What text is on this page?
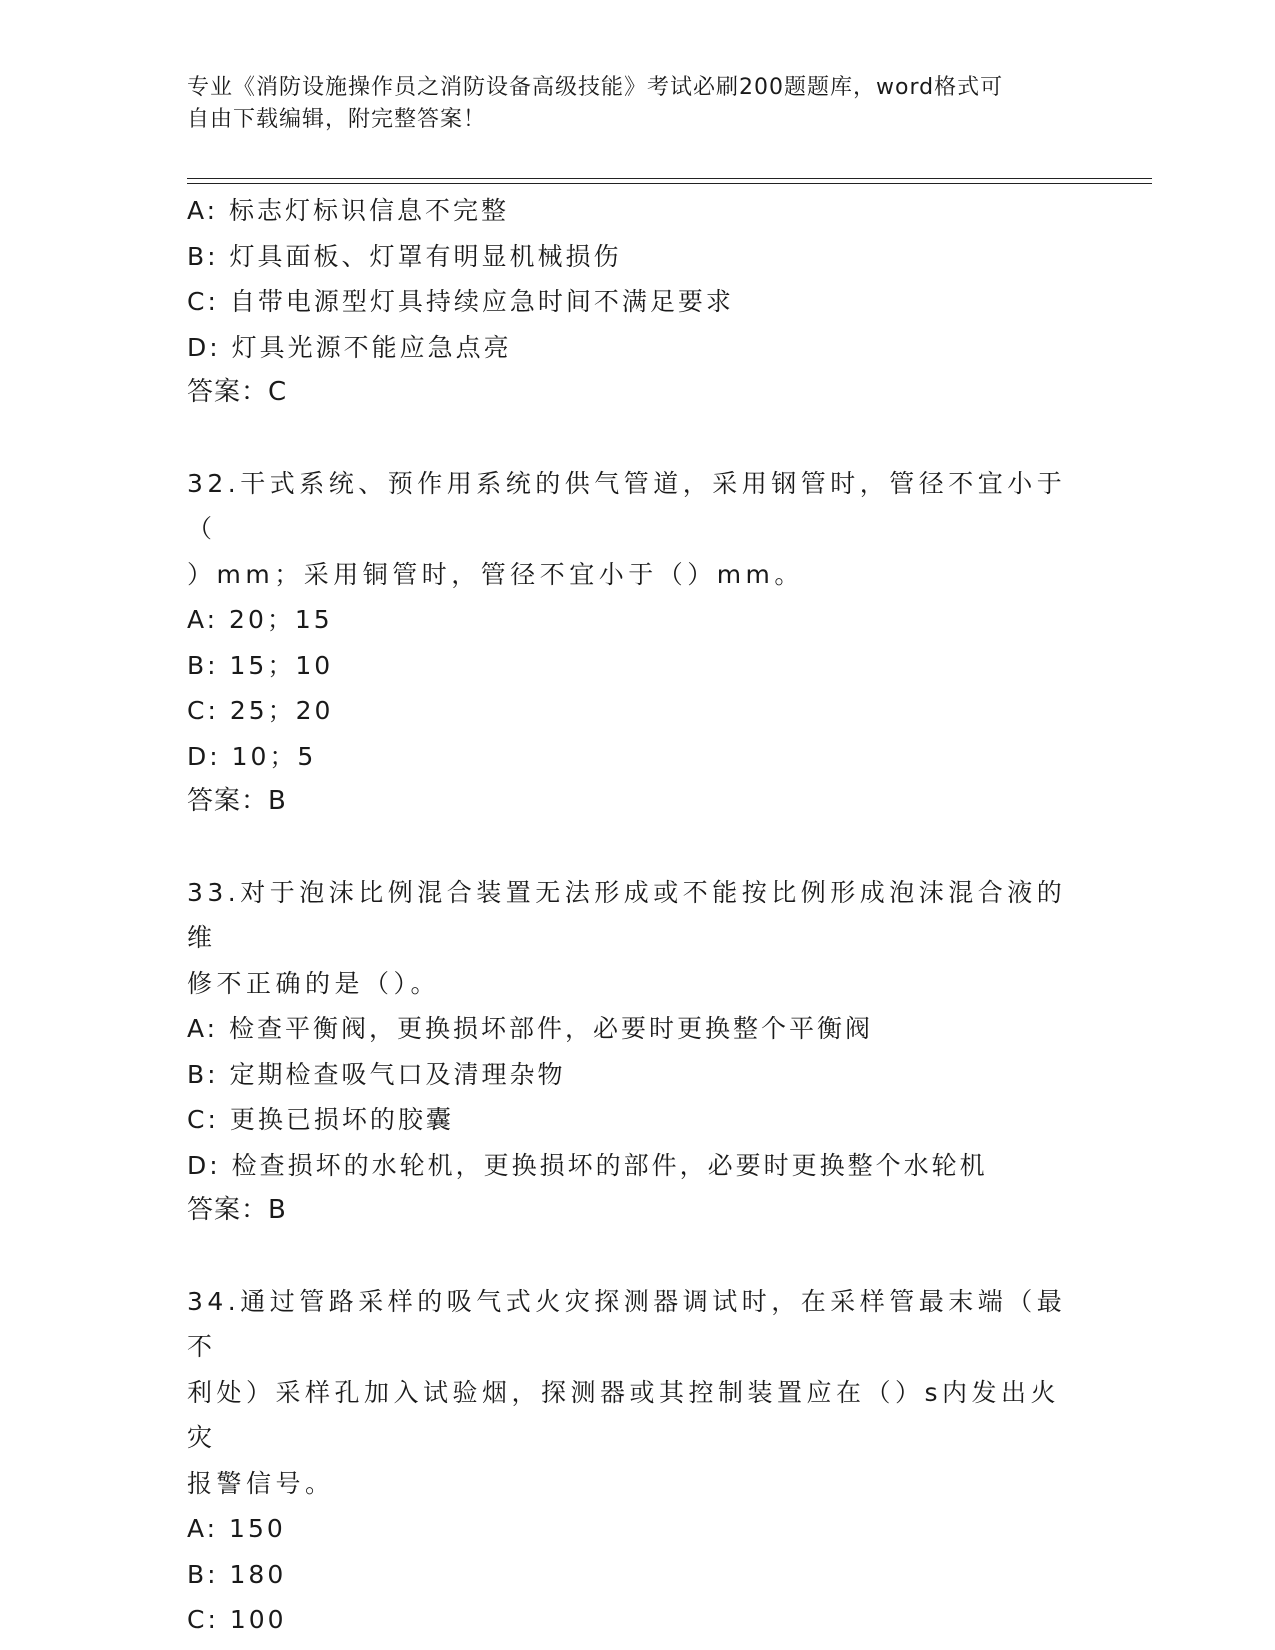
专业《消防设施操作员之消防设备高级技能》考试必刷200题题库，word格式可
自由下载编辑，附完整答案！
A: 标志灯标识信息不完整
B: 灯具面板、灯罩有明显机械损伤
C: 自带电源型灯具持续应急时间不满足要求
D: 灯具光源不能应急点亮
答案：C
32.干式系统、预作用系统的供气管道，采用钢管时，管径不宜小于（
）mm；采用铜管时，管径不宜小于（）mm。
A: 20；15
B: 15；10
C: 25；20
D: 10；5
答案：B
33.对于泡沫比例混合装置无法形成或不能按比例形成泡沫混合液的维
修不正确的是（）。
A: 检查平衡阀，更换损坏部件，必要时更换整个平衡阀
B: 定期检查吸气口及清理杂物
C: 更换已损坏的胶囊
D: 检查损坏的水轮机，更换损坏的部件，必要时更换整个水轮机
答案：B
34.通过管路采样的吸气式火灾探测器调试时，在采样管最末端（最不
利处）采样孔加入试验烟，探测器或其控制装置应在（）s内发出火灾
报警信号。
A: 150
B: 180
C: 100
